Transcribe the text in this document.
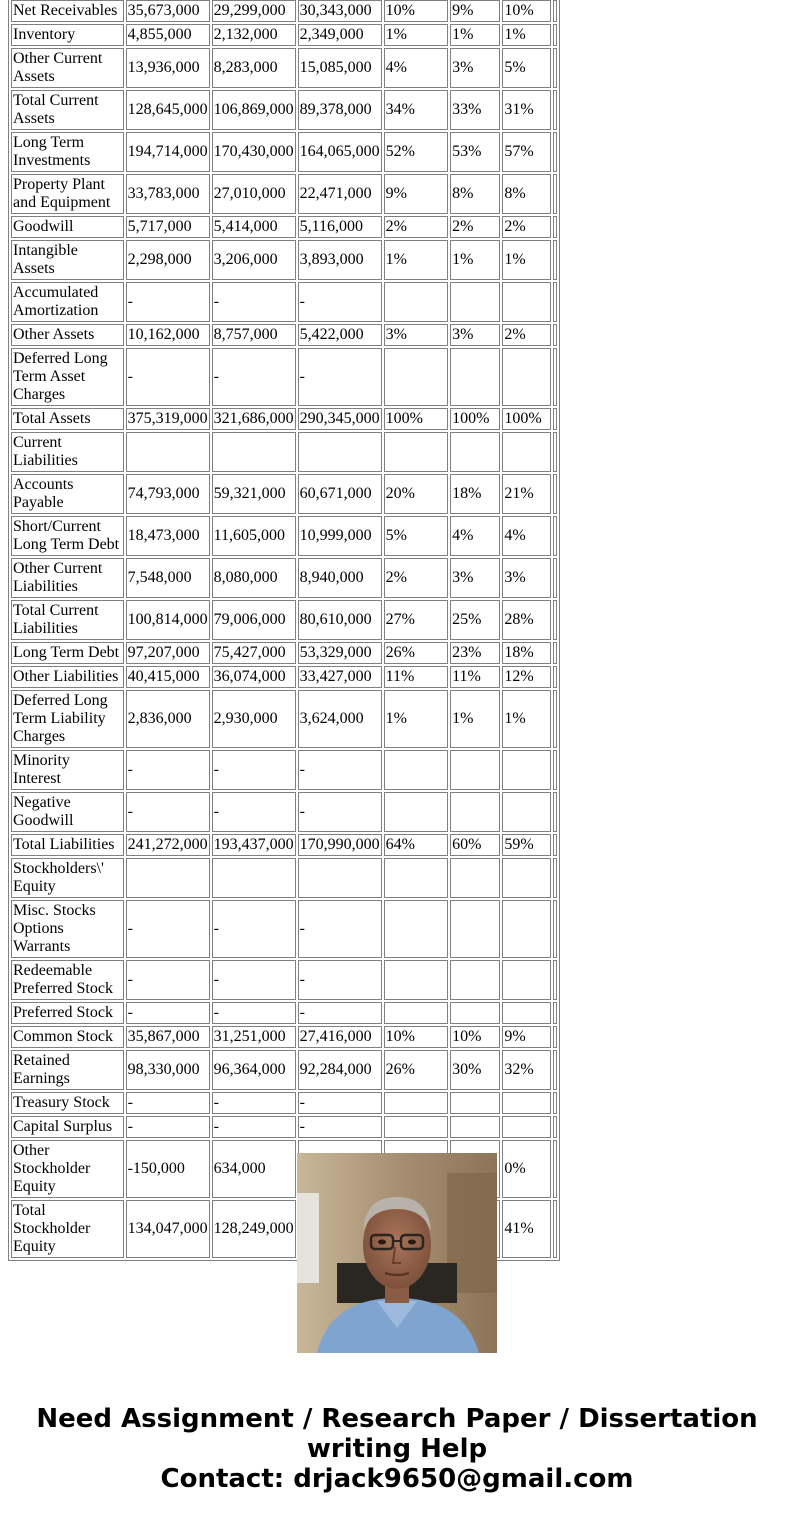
Net Receivables	35,673,000	29,299,000	30,343,000	10%	9%	10%	
Inventory	4,855,000	2,132,000	2,349,000	1%	1%	1%	
Other Current Assets	13,936,000	8,283,000	15,085,000	4%	3%	5%	
Total Current Assets	128,645,000	106,869,000	89,378,000	34%	33%	31%	
Long Term Investments	194,714,000	170,430,000	164,065,000	52%	53%	57%	
Property Plant and Equipment	33,783,000	27,010,000	22,471,000	9%	8%	8%	
Goodwill	5,717,000	5,414,000	5,116,000	2%	2%	2%	
Intangible Assets	2,298,000	3,206,000	3,893,000	1%	1%	1%	
Accumulated Amortization	-	-	-				
Other Assets	10,162,000	8,757,000	5,422,000	3%	3%	2%	
Deferred Long Term Asset Charges	-	-	-				
Total Assets	375,319,000	321,686,000	290,345,000	100%	100%	100%	
Current Liabilities							
Accounts Payable	74,793,000	59,321,000	60,671,000	20%	18%	21%	
Short/Current Long Term Debt	18,473,000	11,605,000	10,999,000	5%	4%	4%	
Other Current Liabilities	7,548,000	8,080,000	8,940,000	2%	3%	3%	
Total Current Liabilities	100,814,000	79,006,000	80,610,000	27%	25%	28%	
Long Term Debt	97,207,000	75,427,000	53,329,000	26%	23%	18%	
Other Liabilities	40,415,000	36,074,000	33,427,000	11%	11%	12%	
Deferred Long Term Liability Charges	2,836,000	2,930,000	3,624,000	1%	1%	1%	
Minority Interest	-	-	-				
Negative Goodwill	-	-	-				
Total Liabilities	241,272,000	193,437,000	170,990,000	64%	60%	59%	
Stockholders\' Equity							
Misc. Stocks Options Warrants	-	-	-				
Redeemable Preferred Stock	-	-	-				
Preferred Stock	-	-	-				
Common Stock	35,867,000	31,251,000	27,416,000	10%	10%	9%	
Retained Earnings	98,330,000	96,364,000	92,284,000	26%	30%	32%	
Treasury Stock	-	-	-				
Capital Surplus	-	-	-				
Other Stockholder Equity	-150,000	634,000				0%	
Total Stockholder Equity	134,047,000	128,249,000				41%	
Need Assignment / Research Paper / Dissertation writing Help
Contact: drjack9650@gmail.com
